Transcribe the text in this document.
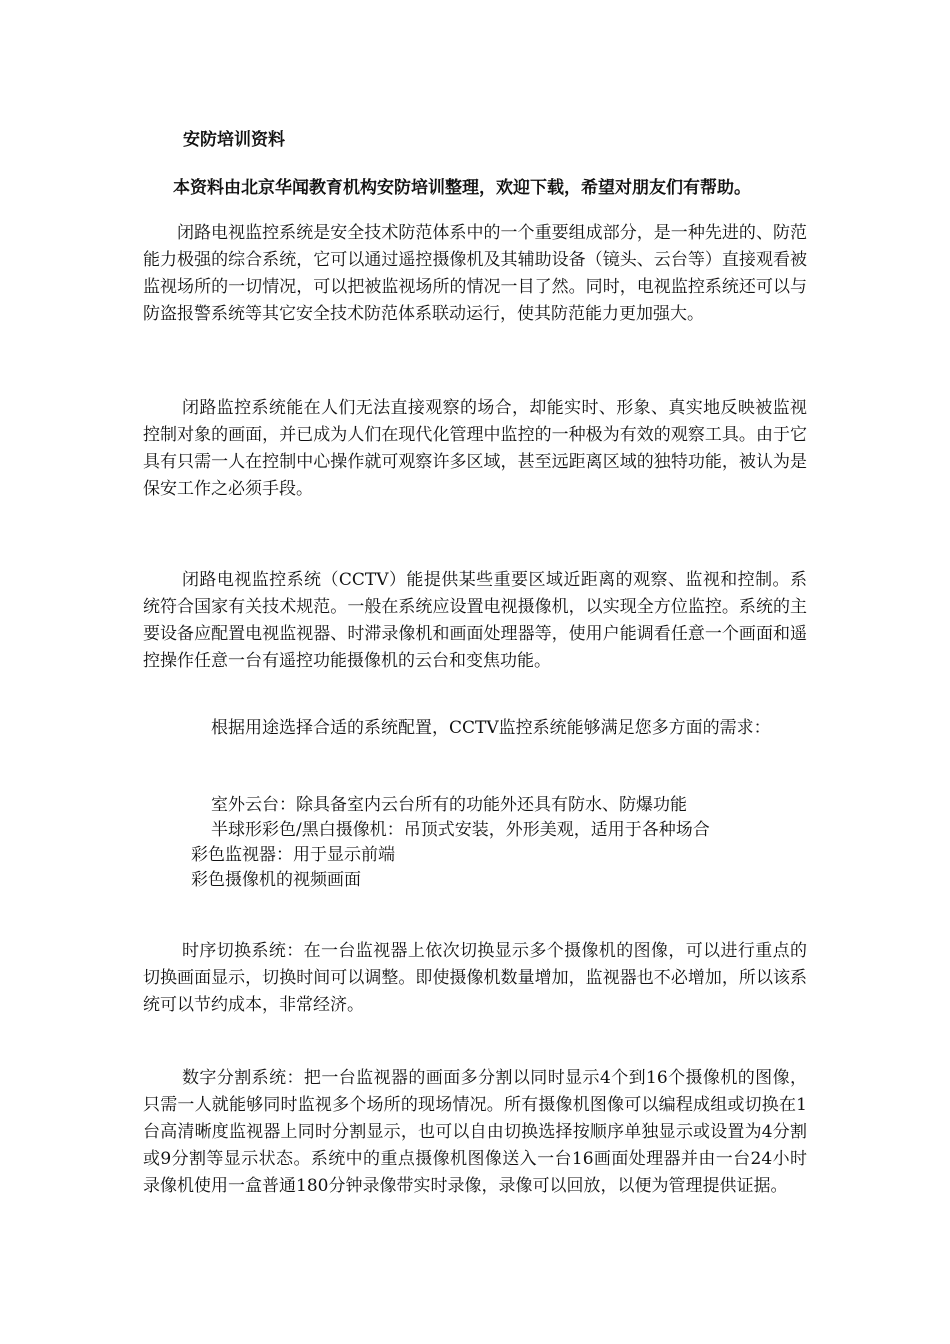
安防培训资料
本资料由北京华闻教育机构安防培训整理，欢迎下载，希望对朋友们有帮助。

闭路电视监控系统是安全技术防范体系中的一个重要组成部分，是一种先进的、防范能力极强的综合系统，它可以通过遥控摄像机及其辅助设备（镜头、云台等）直接观看被监视场所的一切情况，可以把被监视场所的情况一目了然。同时，电视监控系统还可以与防盗报警系统等其它安全技术防范体系联动运行，使其防范能力更加强大。

闭路监控系统能在人们无法直接观察的场合，却能实时、形象、真实地反映被监视控制对象的画面，并已成为人们在现代化管理中监控的一种极为有效的观察工具。由于它具有只需一人在控制中心操作就可观察许多区域，甚至远距离区域的独特功能，被认为是保安工作之必须手段。

闭路电视监控系统（CCTV）能提供某些重要区域近距离的观察、监视和控制。系统符合国家有关技术规范。一般在系统应设置电视摄像机，以实现全方位监控。系统的主要设备应配置电视监视器、时滞录像机和画面处理器等，使用户能调看任意一个画面和遥控操作任意一台有遥控功能摄像机的云台和变焦功能。

根据用途选择合适的系统配置，CCTV监控系统能够满足您多方面的需求：

室外云台：除具备室内云台所有的功能外还具有防水、防爆功能
半球形彩色/黑白摄像机：吊顶式安装，外形美观，适用于各种场合
彩色监视器：用于显示前端
彩色摄像机的视频画面

时序切换系统：在一台监视器上依次切换显示多个摄像机的图像，可以进行重点的切换画面显示，切换时间可以调整。即使摄像机数量增加，监视器也不必增加，所以该系统可以节约成本，非常经济。

数字分割系统：把一台监视器的画面多分割以同时显示4个到16个摄像机的图像，只需一人就能够同时监视多个场所的现场情况。所有摄像机图像可以编程成组或切换在1台高清晰度监视器上同时分割显示，也可以自由切换选择按顺序单独显示或设置为4分割或9分割等显示状态。系统中的重点摄像机图像送入一台16画面处理器并由一台24小时录像机使用一盒普通180分钟录像带实时录像，录像可以回放，以便为管理提供证据。
